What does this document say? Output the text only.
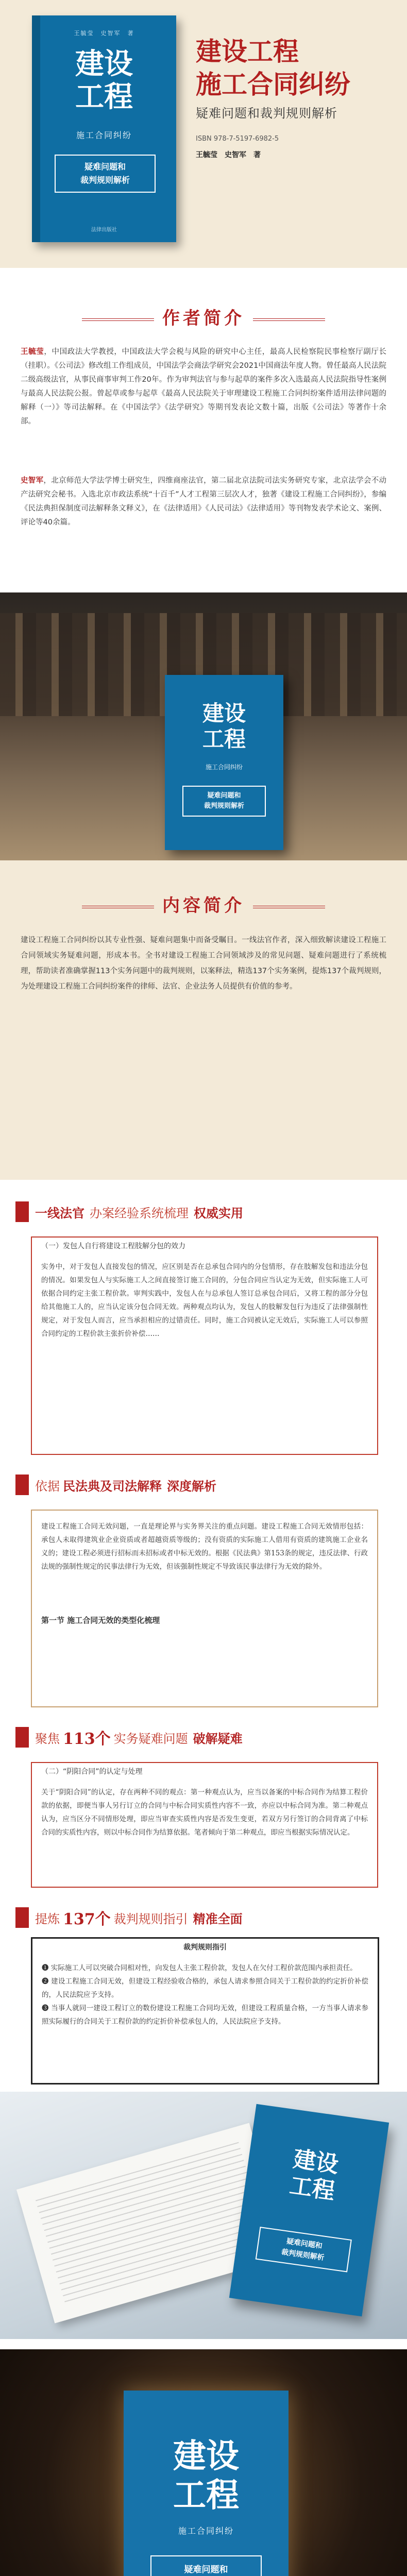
王毓莹　史智军　著
建设
工程
施工合同纠纷
疑难问题和
裁判规则解析
法律出版社
建设工程
施工合同纠纷
疑难问题和裁判规则解析
ISBN 978-7-5197-6982-5
王毓莹　史智军　著
作者简介
王毓莹，中国政法大学教授，中国政法大学会税与风险的研究中心主任，最高人民检察院民事检察厅副厅长（挂职）。《公司法》修改组工作组成员，中国法学会商法学研究会2021中国商法年度人物。曾任最高人民法院二级高级法官，从事民商事审判工作20年。作为审判法官与参与起草的案件多次入选最高人民法院指导性案例与最高人民法院公报。曾起草或参与起草《最高人民法院关于审理建设工程施工合同纠纷案件适用法律问题的解释（一）》等司法解释。在《中国法学》《法学研究》等期刊发表论文数十篇，出版《公司法》等著作十余部。
史智军，北京师范大学法学博士研究生，四维商座法官，第二届北京法院司法实务研究专家，北京法学会不动产法研究会秘书。入选北京市政法系统“十百千”人才工程第三层次人才，独著《建设工程施工合同纠纷》，参编《民法典担保制度司法解释条文释义》，在《法律适用》《人民司法》《法律适用》等刊物发表学术论文、案例、评论等40余篇。
建设
工程
施工合同纠纷
疑难问题和
裁判规则解析
内容简介
建设工程施工合同纠纷以其专业性强、疑难问题集中而备受瞩目。一线法官作者，深入细致解读建设工程施工合同领域实务疑难问题，形成本书。全书对建设工程施工合同领域涉及的常见问题、疑难问题进行了系统梳理，帮助读者准确掌握113个实务问题中的裁判规则，以案释法，精选137个实务案例，提炼137个裁判规则，为处理建设工程施工合同纠纷案件的律师、法官、企业法务人员提供有价值的参考。
一线法官 办案经验系统梳理 权威实用
（一）发包人自行将建设工程肢解分包的效力
实务中，对于发包人直接发包的情况，应区别是否在总承包合同内的分包情形，存在肢解发包和违法分包的情况。如果发包人与实际施工人之间直接签订施工合同的，分包合同应当认定为无效，但实际施工人可依据合同约定主张工程价款。审判实践中，发包人在与总承包人签订总承包合同后，又将工程的部分分包给其他施工人的，应当认定该分包合同无效。两种观点均认为，发包人的肢解发包行为违反了法律强制性规定，对于发包人而言，应当承担相应的过错责任。同时，施工合同被认定无效后，实际施工人可以参照合同约定的工程价款主张折价补偿……
依据 民法典及司法解释 深度解析
建设工程施工合同无效问题，一直是理论界与实务界关注的重点问题。建设工程施工合同无效情形包括：承包人未取得建筑业企业资质或者超越资质等级的；没有资质的实际施工人借用有资质的建筑施工企业名义的；建设工程必须进行招标而未招标或者中标无效的。根据《民法典》第153条的规定，违反法律、行政法规的强制性规定的民事法律行为无效，但该强制性规定不导致该民事法律行为无效的除外。
第一节 施工合同无效的类型化梳理
聚焦 113个 实务疑难问题 破解疑难
（二）“阴阳合同”的认定与处理
关于“阴阳合同”的认定，存在两种不同的观点：第一种观点认为，应当以备案的中标合同作为结算工程价款的依据，即便当事人另行订立的合同与中标合同实质性内容不一致，亦应以中标合同为准。第二种观点认为，应当区分不同情形处理，即应当审查实质性内容是否发生变更，若双方另行签订的合同背离了中标合同的实质性内容，则以中标合同作为结算依据。笔者倾向于第二种观点，即应当根据实际情况认定。
提炼 137个 裁判规则指引 精准全面
裁判规则指引
❶ 实际施工人可以突破合同相对性，向发包人主张工程价款，发包人在欠付工程价款范围内承担责任。
❷ 建设工程施工合同无效，但建设工程经验收合格的，承包人请求参照合同关于工程价款的约定折价补偿的，人民法院应予支持。
❸ 当事人就同一建设工程订立的数份建设工程施工合同均无效，但建设工程质量合格，一方当事人请求参照实际履行的合同关于工程价款的约定折价补偿承包人的，人民法院应予支持。
建设
工程
疑难问题和
裁判规则解析
建设
工程
施工合同纠纷
疑难问题和
